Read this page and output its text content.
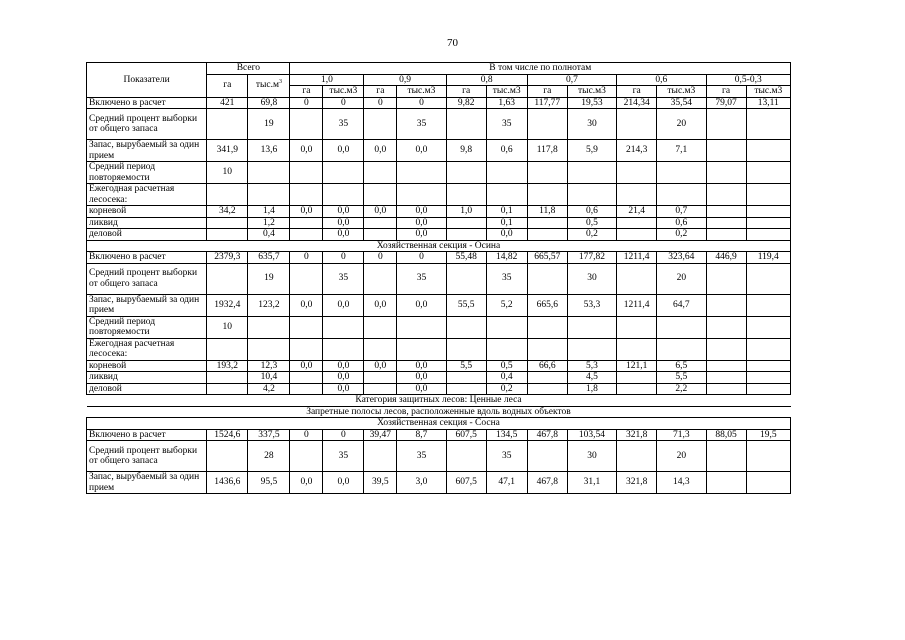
70
Показатели	Всего		В том числе по полнотам											
	га	$тыс.м^3$	1,0		0,9		0,8		0,7		0,6		0,5-0,3	
			га	тыс.м3	га	тыс.м3	га	тыс.м3	га	тыс.м3	га	тыс.м3	га	тыс.м3
Включено в расчет	421	69,8	0	0	0	0	9,82	1,63	117,77	19,53	214,34	35,54	79,07	13,11
Средний процент выборки от общего запаса		19		35		35		35		30		20		
Запас, вырубаемый за один прием	341,9	13,6	0,0	0,0	0,0	0,0	9,8	0,6	117,8	5,9	214,3	7,1		
Средний период повторяемости	10													
Ежегодная расчетная лесосека:														
корневой	34,2	1,4	0,0	0,0	0,0	0,0	1,0	0,1	11,8	0,6	21,4	0,7		
ликвид		1,2		0,0		0,0		0,1		0,5		0,6		
деловой		0,4		0,0		0,0		0,0		0,2		0,2		
Хозяйственная секция - Осина														
Включено в расчет	2379,3	635,7	0	0	0	0	55,48	14,82	665,57	177,82	1211,4	323,64	446,9	119,4
Средний процент выборки от общего запаса		19		35		35		35		30		20		
Запас, вырубаемый за один прием	1932,4	123,2	0,0	0,0	0,0	0,0	55,5	5,2	665,6	53,3	1211,4	64,7		
Средний период повторяемости	10													
Ежегодная расчетная лесосека:														
корневой	193,2	12,3	0,0	0,0	0,0	0,0	5,5	0,5	66,6	5,3	121,1	6,5		
ликвид		10,4		0,0		0,0		0,4		4,5		5,5		
деловой		4,2		0,0		0,0		0,2		1,8		2,2		
Категория защитных лесов: Ценные леса														
Запретные полосы лесов, расположенные вдоль водных объектов														
Хозяйственная секция - Сосна														
Включено в расчет	1524,6	337,5	0	0	39,47	8,7	607,5	134,5	467,8	103,54	321,8	71,3	88,05	19,5
Средний процент выборки от общего запаса		28		35		35		35		30		20		
Запас, вырубаемый за один прием	1436,6	95,5	0,0	0,0	39,5	3,0	607,5	47,1	467,8	31,1	321,8	14,3		
